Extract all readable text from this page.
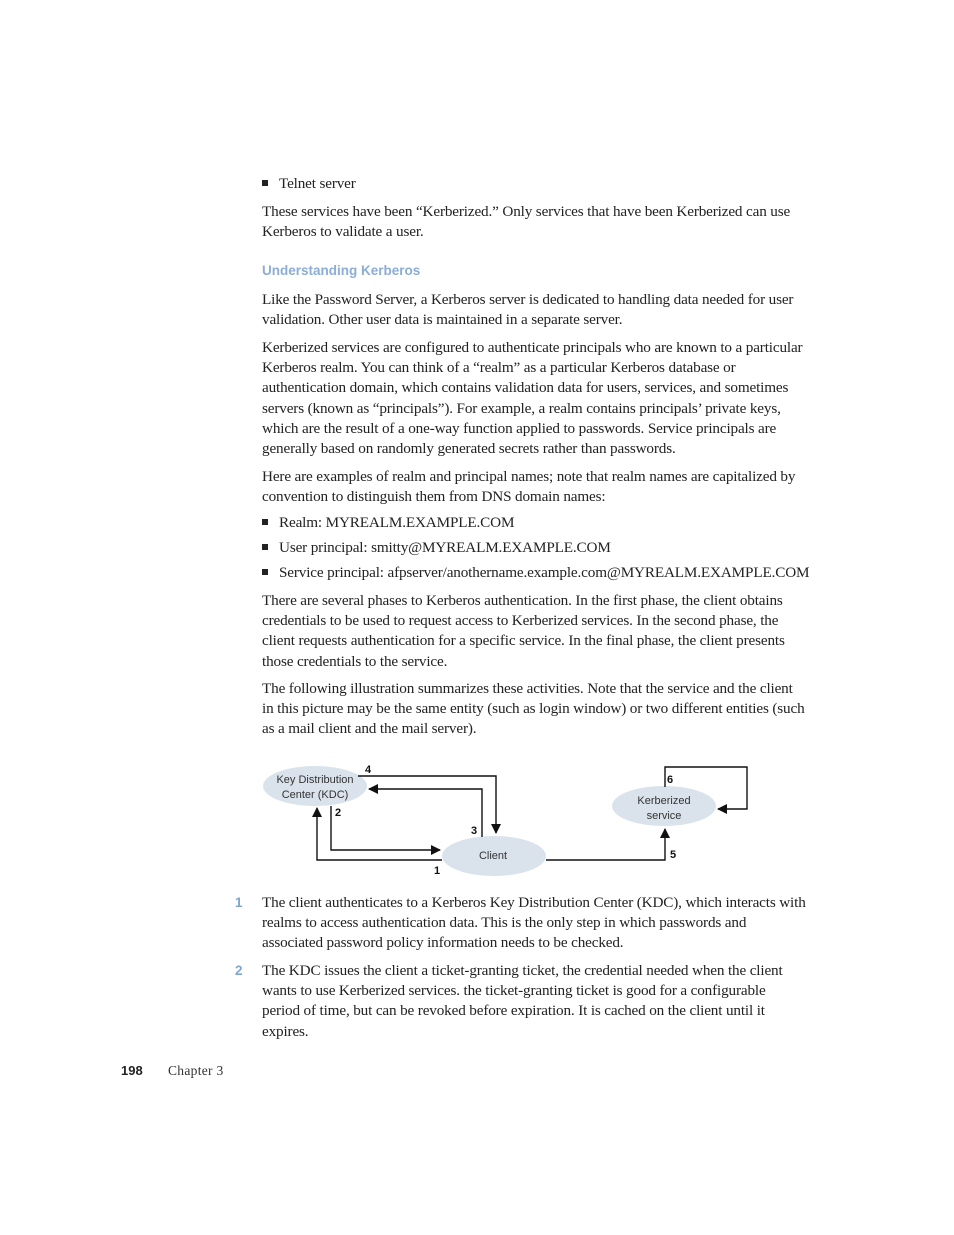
Telnet server

These services have been “Kerberized.” Only services that have been Kerberized can use Kerberos to validate a user.

Understanding Kerberos

Like the Password Server, a Kerberos server is dedicated to handling data needed for user validation. Other user data is maintained in a separate server.

Kerberized services are configured to authenticate principals who are known to a particular Kerberos realm. You can think of a “realm” as a particular Kerberos database or authentication domain, which contains validation data for users, services, and sometimes servers (known as “principals”). For example, a realm contains principals’ private keys, which are the result of a one-way function applied to passwords. Service principals are generally based on randomly generated secrets rather than passwords.

Here are examples of realm and principal names; note that realm names are capitalized by convention to distinguish them from DNS domain names:

Realm: MYREALM.EXAMPLE.COM
User principal: smitty@MYREALM.EXAMPLE.COM
Service principal: afpserver/anothername.example.com@MYREALM.EXAMPLE.COM

There are several phases to Kerberos authentication. In the first phase, the client obtains credentials to be used to request access to Kerberized services. In the second phase, the client requests authentication for a specific service. In the final phase, the client presents those credentials to the service.

The following illustration summarizes these activities. Note that the service and the client in this picture may be the same entity (such as login window) or two different entities (such as a mail client and the mail server).

Key Distribution
Center (KDC)	Kerberized
service
Client
1
2
3
4
5
6
1	The client authenticates to a Kerberos Key Distribution Center (KDC), which interacts with realms to access authentication data. This is the only step in which passwords and associated password policy information needs to be checked.

2	The KDC issues the client a ticket-granting ticket, the credential needed when the client wants to use Kerberized services. the ticket-granting ticket is good for a configurable period of time, but can be revoked before expiration. It is cached on the client until it expires.

198 Chapter 3
